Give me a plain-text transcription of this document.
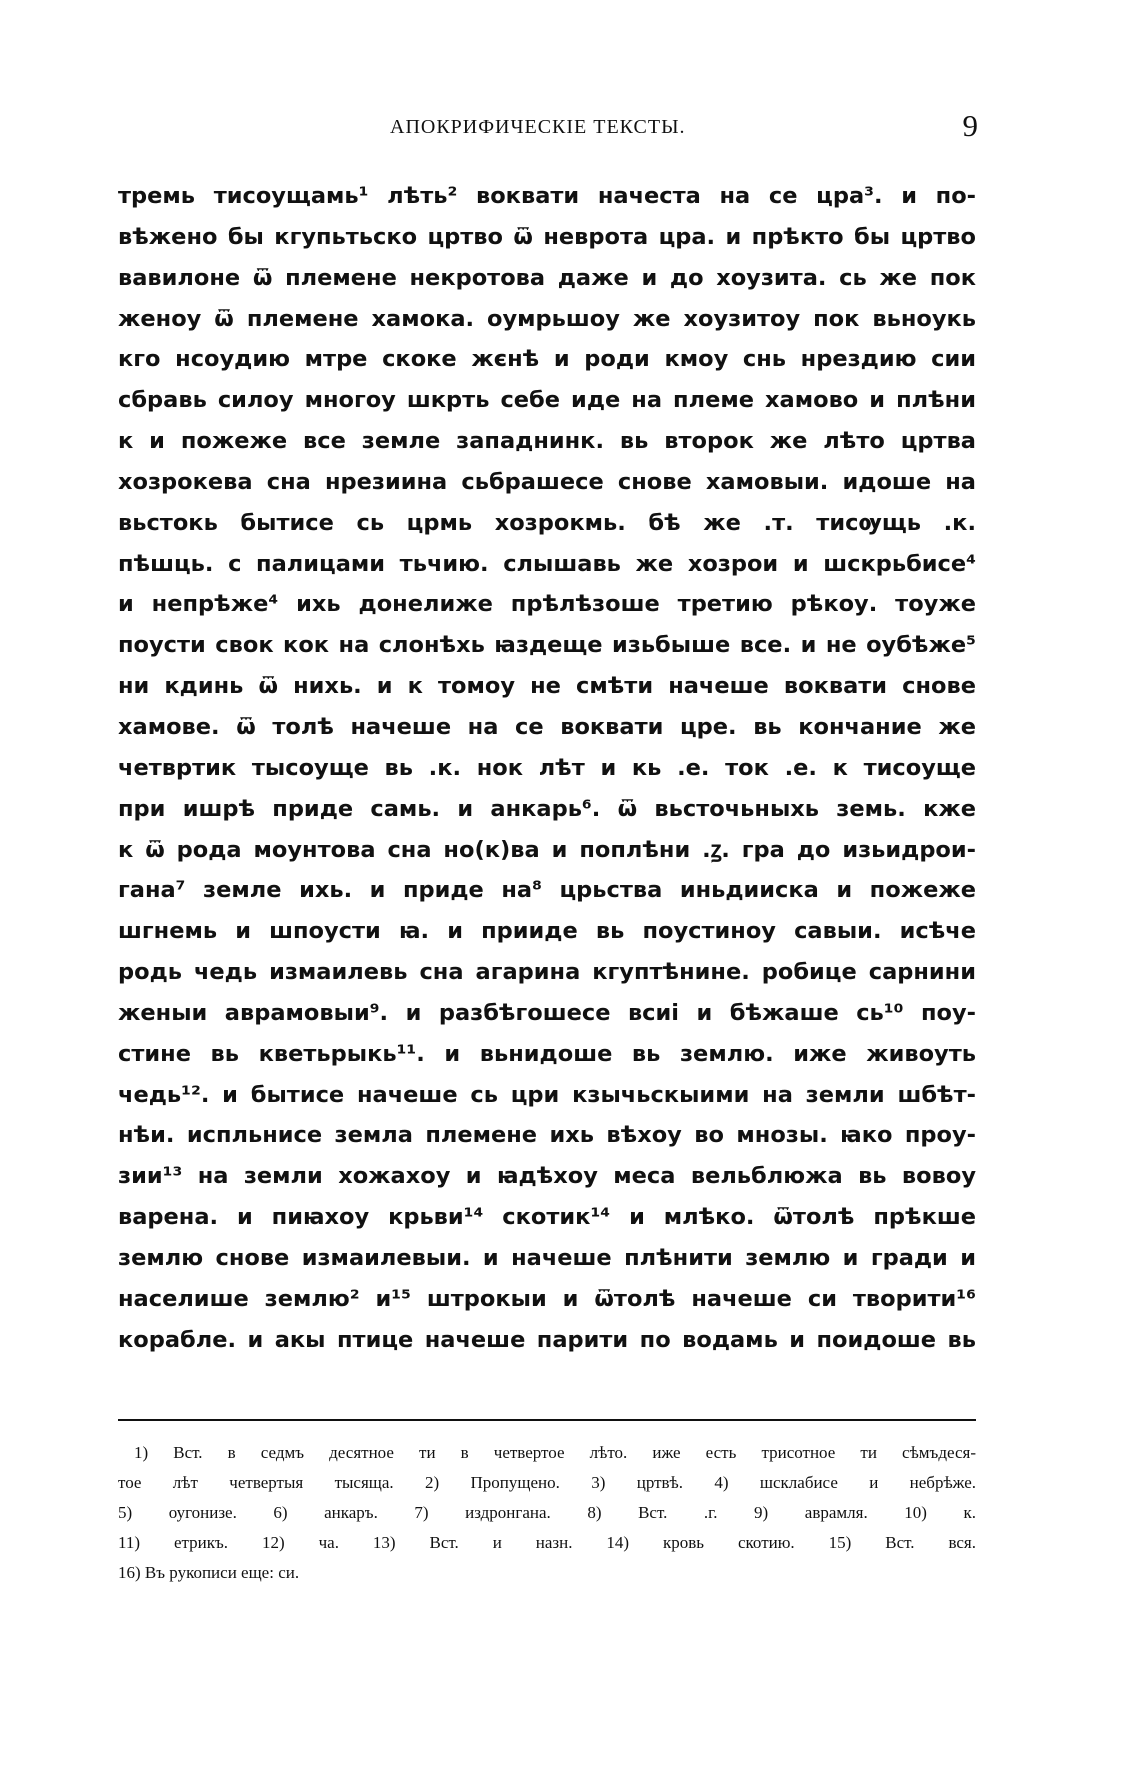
АПОКРИФИЧЕСКІЕ ТЕКСТЫ.	9
тремь тисоущамь¹ лѣть² воквати начеста на се цра³. и по-
вѣжено бы кгупьтьско цртво ѿ невротa цра. и прѣкто бы цртво
вавилоне ѿ племене некротова даже и до хоузита. сь же пок
женоу ѿ племене хамока. оумрьшоу же хоузитоу пок вьноукь
кго нсоудию мтре скоке жєнѣ и роди кмоу снь нрездию сии
сбравь силоу многоу шкрть себе иде на племе хамово и плѣни
к и пожеже все земле западнинк. вь второк же лѣто цртва
хозрокева сна нрезиина сьбрашесе снове хамовыи. идоше на
вьстокь бытисе сь црмь хозрокмь. бѣ же .т. тисѹщь .к.
пѣшць. с палицами тьчию. слышавь же хозрои и шскрьбисе⁴
и непрѣже⁴ ихь донелиже прѣлѣзоше третию рѣкоу. тоуже
поусти свок кок на слонѣхь ꙗздеще изьбыше все. и не оубѣже⁵
ни кдинь ѿ нихь. и к томоу не смѣти начеше воквати снове
хамове. ѿ толѣ начеше на се воквати цре. вь кончание же
четвртик тысоуще вь .к. нок лѣт и кь .е. ток .е. к тисоуще
при ишрѣ приде самь. и анкарь⁶. ѿ вьсточьныхь земь. кже
к ѿ рода моунтова сна но(к)ва и поплѣни .ꙁ. гра до изьидрои-
гана⁷ земле ихь. и приде на⁸ црьства иньдииска и пожеже
шгнемь и шпоусти ꙗ. и прииде вь поустиноу савыи. исѣче
родь чедь измаилевь сна агарина кгуптѣнине. робице сарнини
женыи авpамовыи⁹. и разбѣгошесе всиi и бѣжаше сь¹⁰ поу-
стине вь кветьрыкь¹¹. и вьнидоше вь землю. иже живоуть
чедь¹². и бытисе начеше сь цри кзычьскыими на земли шбѣт-
нѣи. испльнисе земла племене ихь вѣхоу во мнозы. ꙗко проу-
зии¹³ на земли хожахоу и ꙗдѣхоу меса вельблюжа вь вовоу
варена. и пиꙗхоу крьви¹⁴ скотик¹⁴ и млѣко. ѿтолѣ прѣкше
землю снове измаилевыи. и начеше плѣнити землю и гради и
населише землю² и¹⁵ штрокыи и ѿтолѣ начеше си творити¹⁶
корабле. и акы птице начеше парити по водамь и поидоше вь
1) Вст. в седмъ десятное ти в четвертое лѣто. иже есть трисотное ти сѣмъдеся-
тое лѣт четвертыя тысяща. 2) Пропущено. 3) цртвѣ. 4) шсклабисе и небрѣже.
5) оугонизе. 6) анкаръ. 7) издронгана. 8) Вст. .г. 9) аврамля. 10) к.
11) етрикъ. 12) ча. 13) Вст. и назн. 14) кровь скотию. 15) Вст. вся.
16) Въ рукописи еще: си.
